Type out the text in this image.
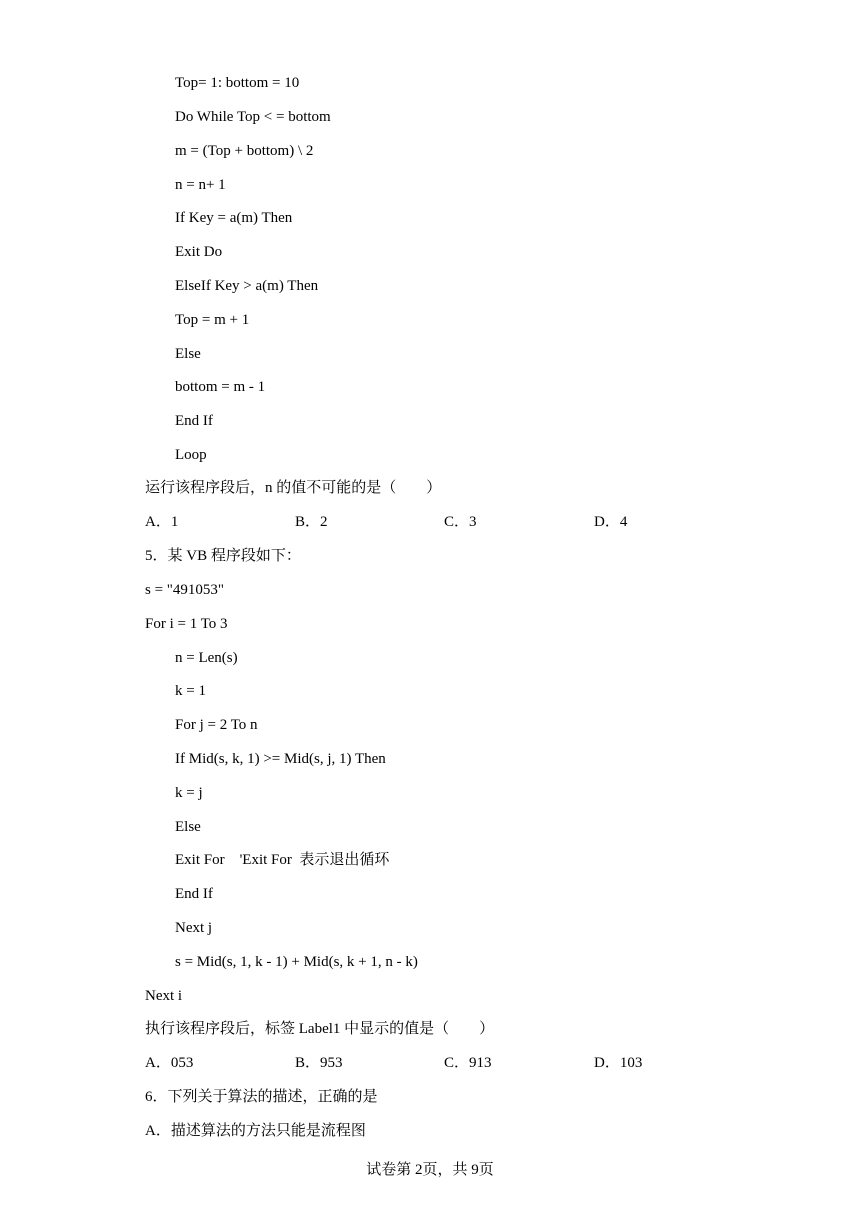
Top= 1: bottom = 10
Do While Top < = bottom
m = (Top + bottom) \ 2
n = n+ 1
If Key = a(m) Then
Exit Do
ElseIf Key > a(m) Then
Top = m + 1
Else
bottom = m - 1
End If
Loop
运行该程序段后，n 的值不可能的是（　　）
A．1	B．2	C．3	D．4
5．某 VB 程序段如下：
s = "491053"
For i = 1 To 3
n = Len(s)
k = 1
For j = 2 To n
If Mid(s, k, 1) >= Mid(s, j, 1) Then
k = j
Else
Exit For　'Exit For  表示退出循环
End If
Next j
s = Mid(s, 1, k - 1) + Mid(s, k + 1, n - k)
Next i
执行该程序段后，标签 Label1 中显示的值是（　　）
A．053	B．953	C．913	D．103
6．下列关于算法的描述，正确的是
A．描述算法的方法只能是流程图
试卷第 2页，共 9页
